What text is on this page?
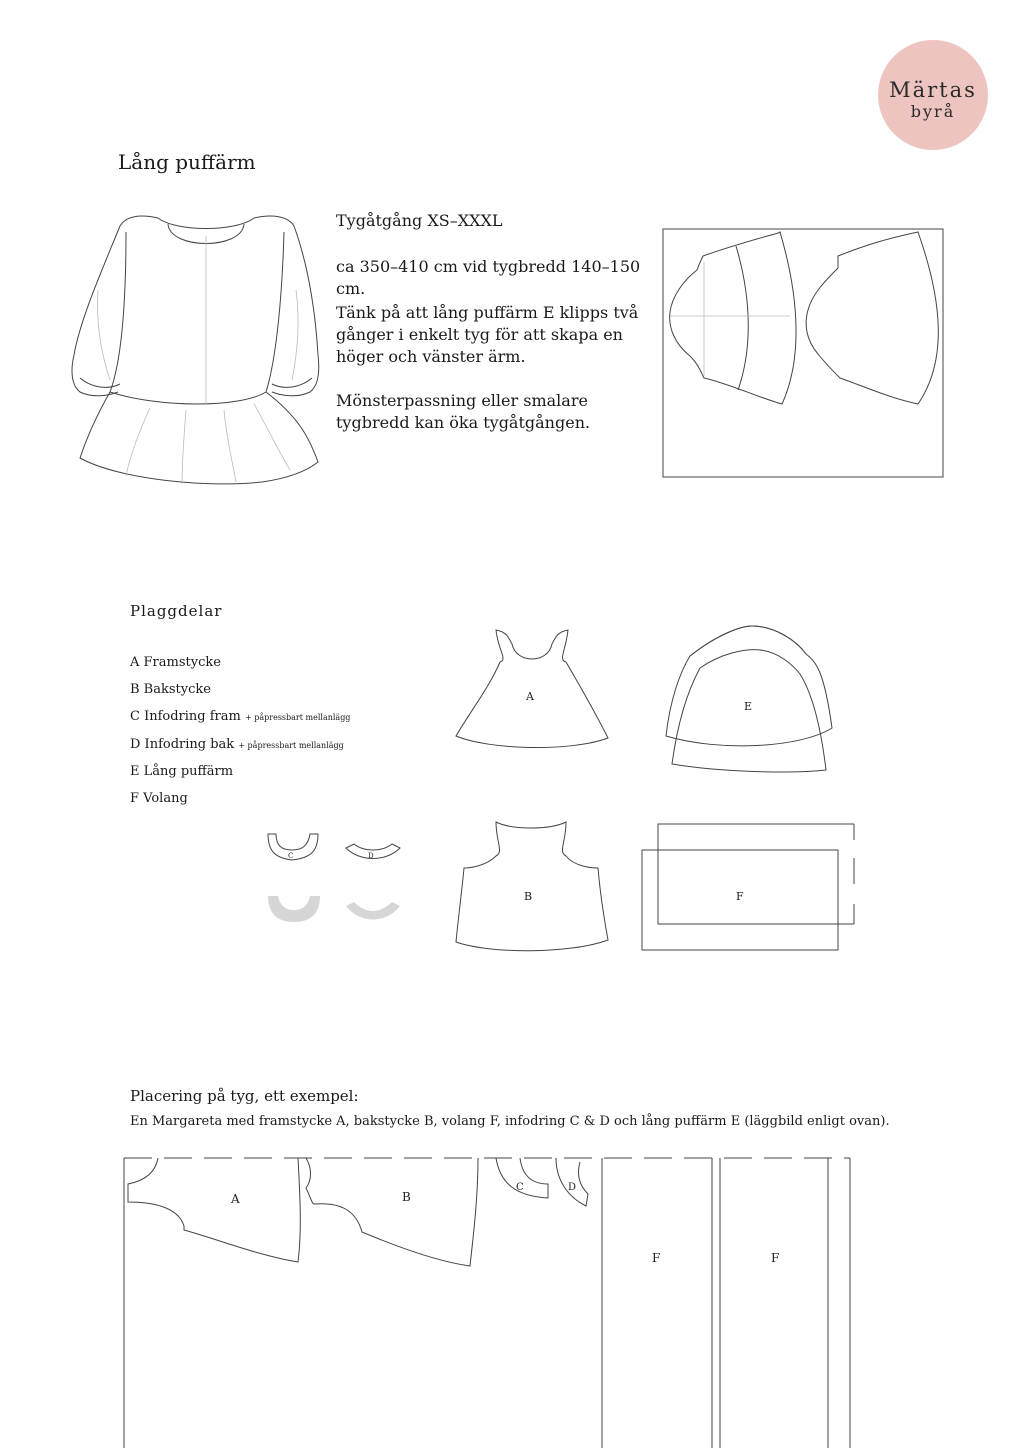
Märtas
byrå
Lång puffärm

Tygåtgång XS–XXXL

ca 350–410 cm vid tygbredd 140–150 cm.

Tänk på att lång puffärm E klipps två

gånger i enkelt tyg för att skapa en

höger och vänster ärm.

Mönsterpassning eller smalare

tygbredd kan öka tygåtgången.

Plaggdelar
A Framstycke
B Bakstycke
C Infodring fram + påpressbart mellanlägg
D Infodring bak + påpressbart mellanlägg
E Lång puffärm
F Volang
Placering på tyg, ett exempel:
En Margareta med framstycke A, bakstycke B, volang F, infodring C & D och lång puffärm E (läggbild enligt ovan).
A
E
C	D
B	F
A	B
C	D
F	F
